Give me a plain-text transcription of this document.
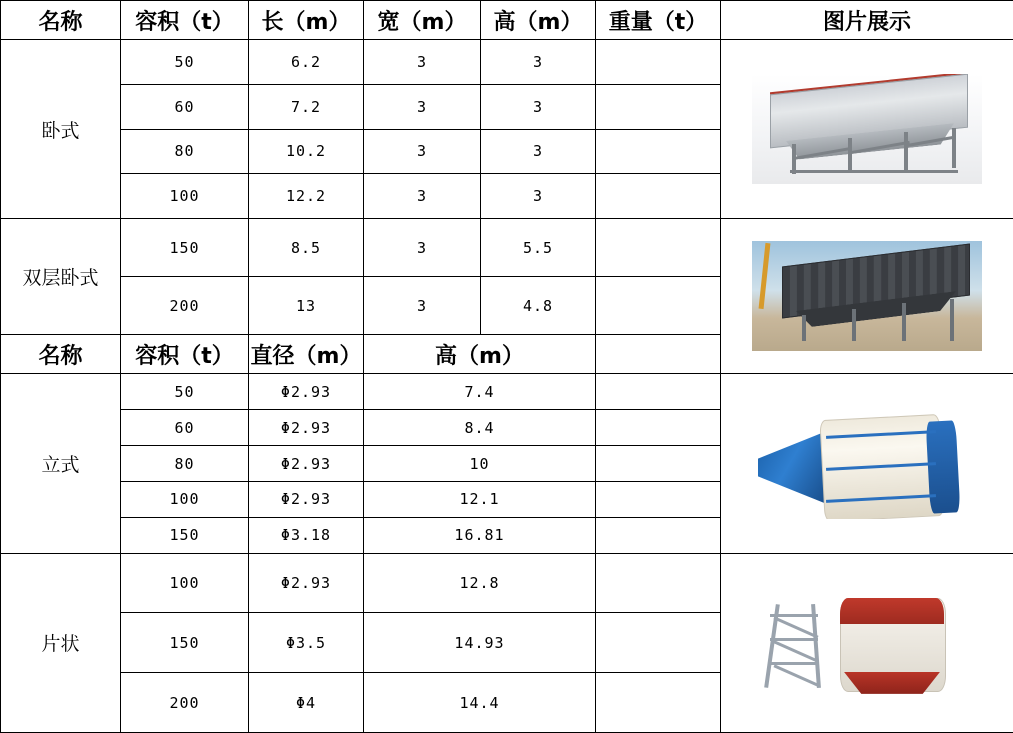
名称	容积（t）	长（m）	宽（m）	高（m）	重量（t）	图片展示
卧式	50	6.2	3	3		

	60	7.2	3	3		
	80	10.2	3	3		
	100	12.2	3	3		
双层卧式	150	8.5	3	5.5		

	200	13	3	4.8		
名称	容积（t）	直径（m）	高（m）			
立式	50	Φ2.93	7.4			

	60	Φ2.93	8.4			
	80	Φ2.93	10			
	100	Φ2.93	12.1			
	150	Φ3.18	16.81			
片状	100	Φ2.93	12.8			

	150	Φ3.5	14.93			
	200	Φ4	14.4			
